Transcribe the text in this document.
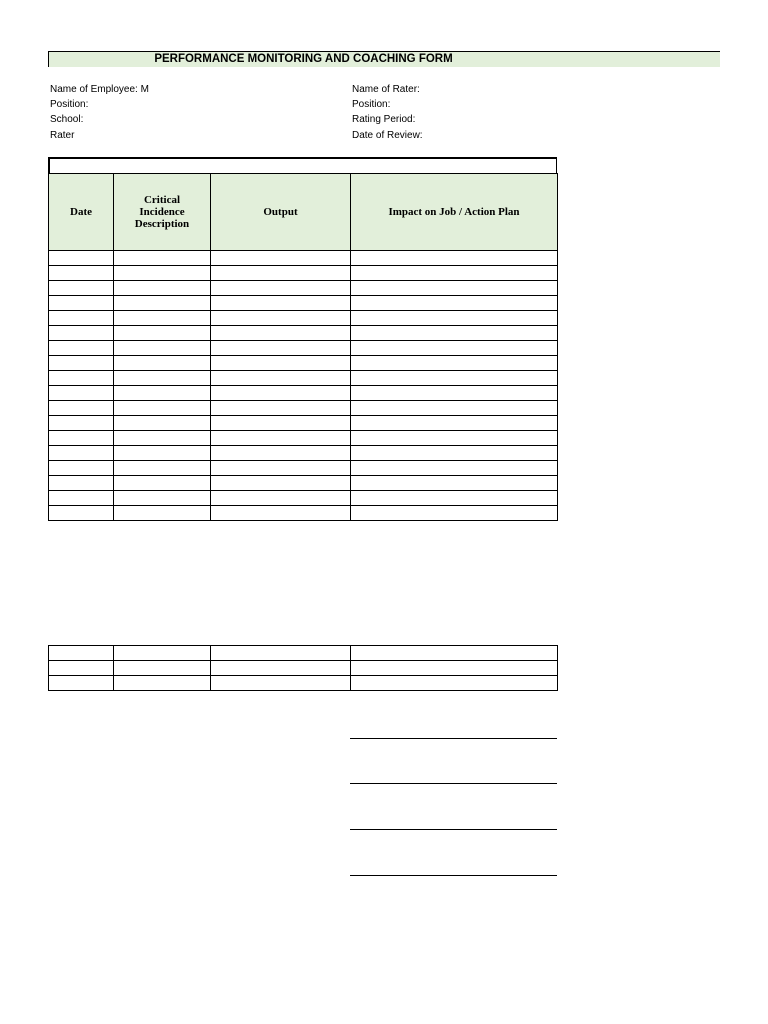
PERFORMANCE MONITORING AND COACHING FORM
Name of Employee: M
Position:
School:
Rater
Name of Rater:
Position:
Rating Period:
Date of Review:
Date	Critical Incidence Description	Output	Impact on Job / Action Plan
